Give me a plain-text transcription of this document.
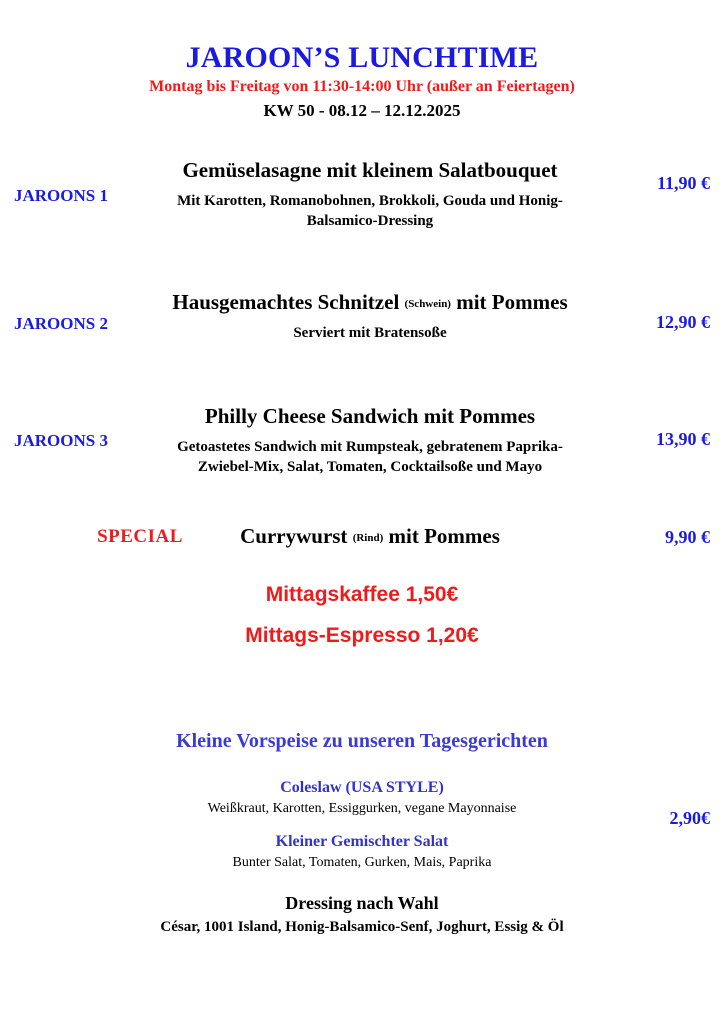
JAROON’S LUNCHTIME
Montag bis Freitag von 11:30-14:00 Uhr (außer an Feiertagen)
KW 50 - 08.12 – 12.12.2025
JAROONS 1
Gemüselasagne mit kleinem Salatbouquet
Mit Karotten, Romanobohnen, Brokkoli, Gouda und Honig-Balsamico-Dressing
11,90 €
JAROONS 2
Hausgemachtes Schnitzel (Schwein) mit Pommes
Serviert mit Bratensoße
12,90 €
JAROONS 3
Philly Cheese Sandwich mit Pommes
Getoastetes Sandwich mit Rumpsteak, gebratenem Paprika-Zwiebel-Mix, Salat, Tomaten, Cocktailsoße und Mayo
13,90 €
SPECIAL	Currywurst (Rind) mit Pommes	9,90 €
Mittagskaffee 1,50€
Mittags-Espresso 1,20€
Kleine Vorspeise zu unseren Tagesgerichten
Coleslaw (USA STYLE)
Weißkraut, Karotten, Essiggurken, vegane Mayonnaise
Kleiner Gemischter Salat
Bunter Salat, Tomaten, Gurken, Mais, Paprika
2,90€
Dressing nach Wahl
César, 1001 Island, Honig-Balsamico-Senf, Joghurt, Essig & Öl
